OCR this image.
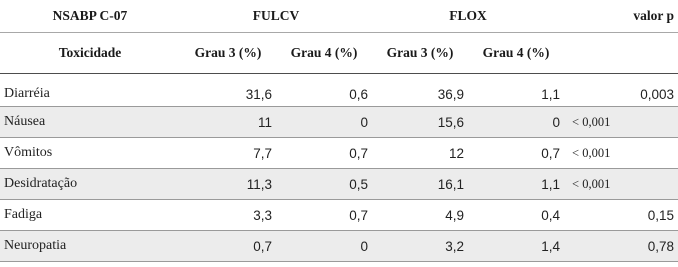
NSABP C-07	FULCV		FLOX		valor p
Toxicidade	Grau 3 (%)	Grau 4 (%)	Grau 3 (%)	Grau 4 (%)	
Diarréia	31,6	0,6	36,9	1,1	0,003
Náusea	11	0	15,6	0	< 0,001
Vômitos	7,7	0,7	12	0,7	< 0,001
Desidratação	11,3	0,5	16,1	1,1	< 0,001
Fadiga	3,3	0,7	4,9	0,4	0,15
Neuropatia	0,7	0	3,2	1,4	0,78
